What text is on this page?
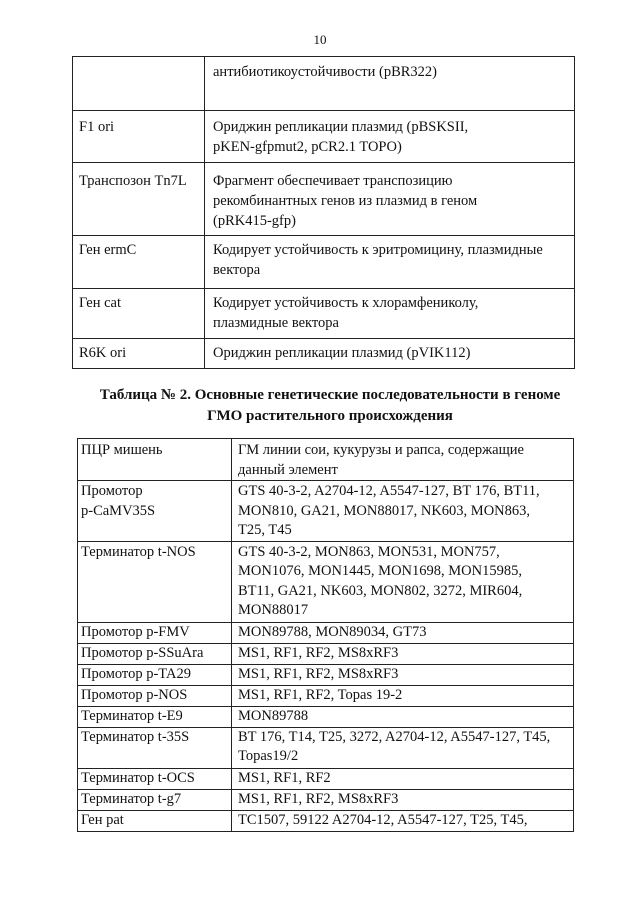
10

	антибиотикоустойчивости (pBR322)

F1 ori	Ориджин репликации плазмид (pBSKSII,
pKEN-gfpmut2, pCR2.1 TOPO)

Транспозон Tn7L	Фрагмент обеспечивает транспозицию
рекомбинантных генов из плазмид в геном
(pRK415-gfp)

Ген ermC	Кодирует устойчивость к эритромицину, плазмидные
вектора

Ген cat	Кодирует устойчивость к хлорамфениколу,
плазмидные вектора

R6K ori	Ориджин репликации плазмид (pVIK112)
Таблица № 2. Основные генетические последовательности в геноме
ГМО растительного происхождения
ПЦР мишень	ГМ линии сои, кукурузы и рапса, содержащие
данный элемент

Промотор
p-CaMV35S	GTS 40-3-2, A2704-12, A5547-127, BT 176, BT11,
MON810, GA21, MON88017, NK603, MON863,
T25, T45

Терминатор t-NOS	GTS 40-3-2, MON863, MON531, MON757,
MON1076, MON1445, MON1698, MON15985,
BT11, GA21, NK603, MON802, 3272, MIR604,
MON88017

Промотор p-FMV	MON89788, MON89034, GT73

Промотор p-SSuAra	MS1, RF1, RF2, MS8xRF3

Промотор p-TA29	MS1, RF1, RF2, MS8xRF3

Промотор p-NOS	MS1, RF1, RF2, Topas 19-2

Терминатор t-E9	MON89788

Терминатор t-35S	BT 176, T14, T25, 3272, A2704-12, A5547-127, T45,
Topas19/2

Терминатор t-OCS	MS1, RF1, RF2

Терминатор t-g7	MS1, RF1, RF2, MS8xRF3

Ген pat	TC1507, 59122 A2704-12, A5547-127, T25, T45,
